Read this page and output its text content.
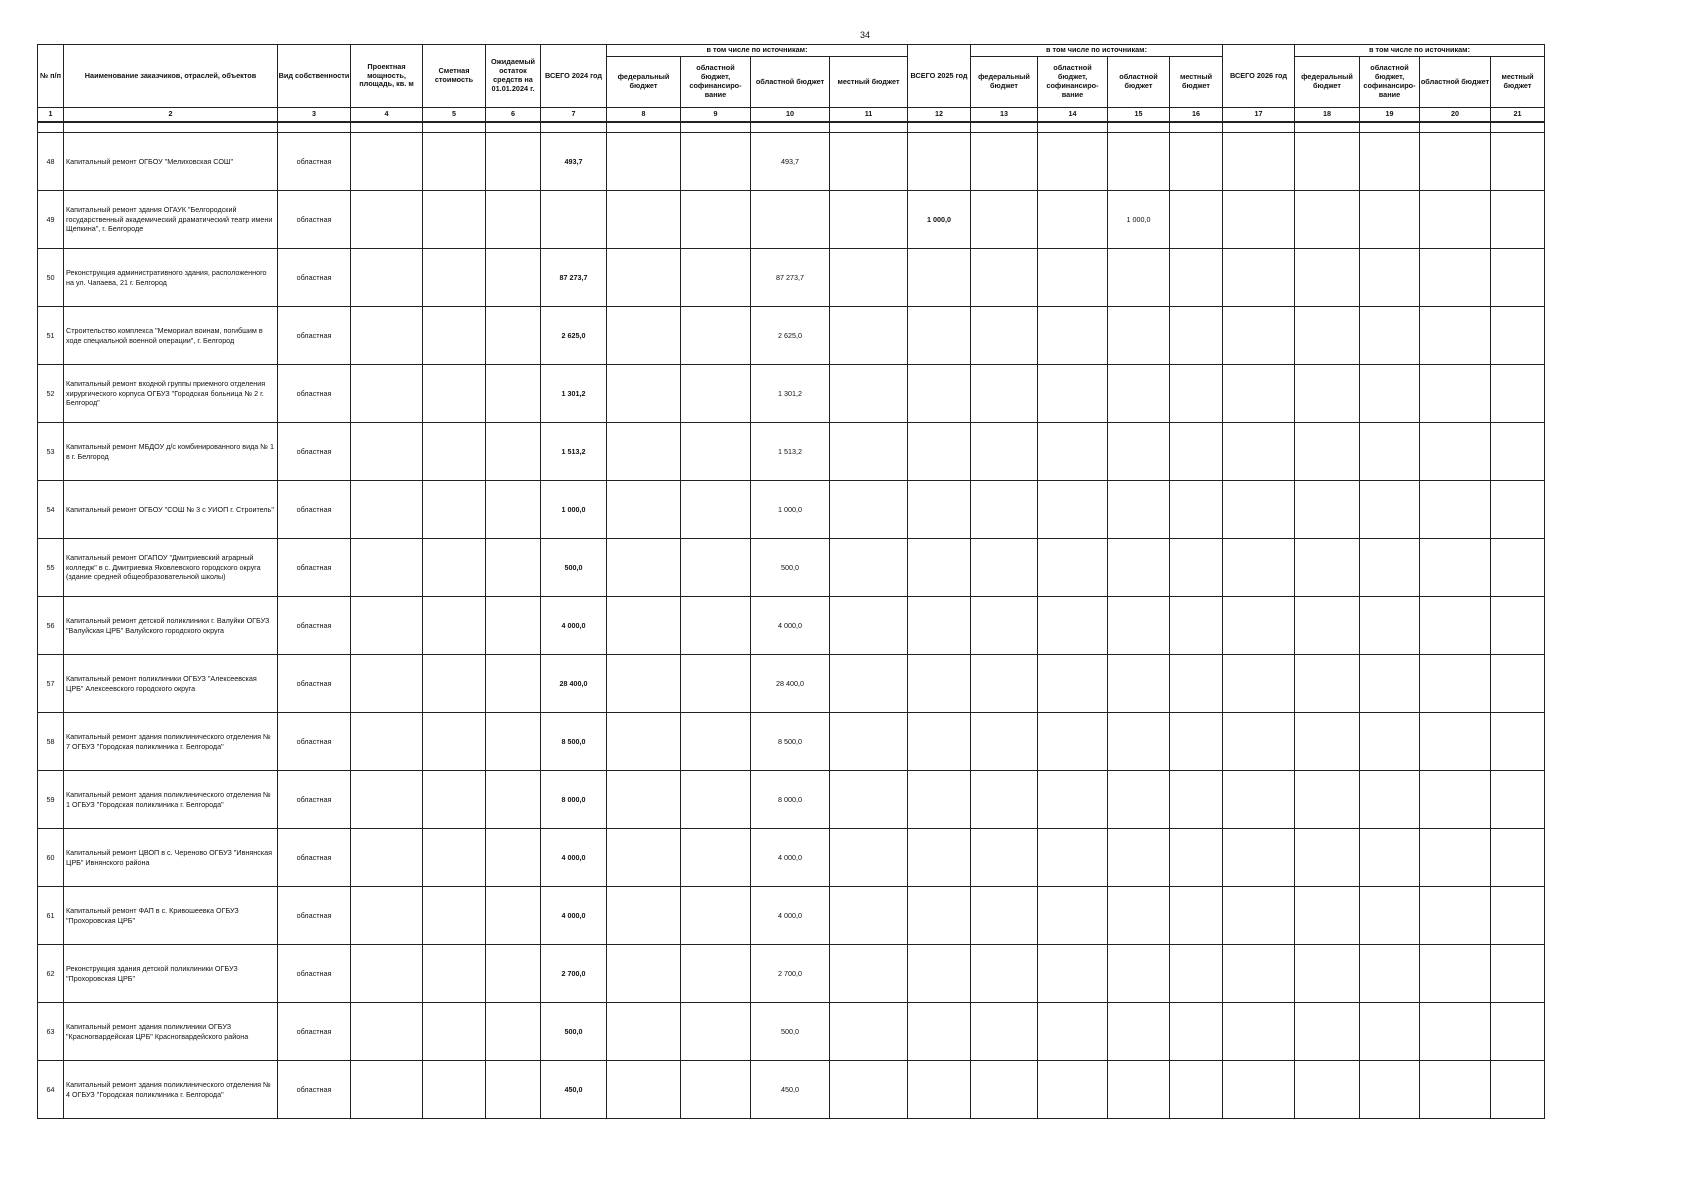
34
№ п/п	Наименование заказчиков, отраслей, объектов	Вид собственности	Проектная мощность, площадь, кв. м	Сметная стоимость	Ожидаемый остаток средств на 01.01.2024 г.	ВСЕГО 2024 год	в том числе по источникам:				ВСЕГО 2025 год	в том числе по источникам:				ВСЕГО 2026 год	в том числе по источникам:			
							федеральный бюджет	областной бюджет, софинансиро-вание	областной бюджет	местный бюджет		федеральный бюджет	областной бюджет, софинансиро-вание	областной бюджет	местный бюджет		федеральный бюджет	областной бюджет, софинансиро-вание	областной бюджет	местный бюджет
1	2	3	4	5	6	7	8	9	10	11	12	13	14	15	16	17	18	19	20	21

48	Капитальный ремонт ОГБОУ "Мелиховская СОШ"	областная				493,7			493,7											
49	Капитальный ремонт здания ОГАУК "Белгородский государственный академический драматический театр имени Щепкина", г. Белгороде	областная									1 000,0			1 000,0						
50	Реконструкция административного здания, расположенного на ул. Чапаева, 21 г. Белгород	областная				87 273,7			87 273,7											
51	Строительство комплекса "Мемориал воинам, погибшим в ходе специальной военной операции", г. Белгород	областная				2 625,0			2 625,0											
52	Капитальный ремонт входной группы приемного отделения хирургического корпуса ОГБУЗ "Городская больница № 2 г. Белгород"	областная				1 301,2			1 301,2											
53	Капитальный ремонт МБДОУ д/с комбинированного вида № 1 в г. Белгород	областная				1 513,2			1 513,2											
54	Капитальный ремонт ОГБОУ "СОШ № 3 с УИОП г. Строитель"	областная				1 000,0			1 000,0											
55	Капитальный ремонт ОГАПОУ "Дмитриевский аграрный колледж" в с. Дмитриевка Яковлевского городского округа (здание средней общеобразовательной школы)	областная				500,0			500,0											
56	Капитальный ремонт детской поликлиники г. Валуйки ОГБУЗ "Валуйская ЦРБ" Валуйского городского округа	областная				4 000,0			4 000,0											
57	Капитальный ремонт поликлиники ОГБУЗ "Алексеевская ЦРБ" Алексеевского городского округа	областная				28 400,0			28 400,0											
58	Капитальный ремонт здания поликлинического отделения № 7 ОГБУЗ "Городская поликлиника г. Белгорода"	областная				8 500,0			8 500,0											
59	Капитальный ремонт здания поликлинического отделения № 1 ОГБУЗ "Городская поликлиника г. Белгорода"	областная				8 000,0			8 000,0											
60	Капитальный ремонт ЦВОП в с. Череново ОГБУЗ "Ивнянская ЦРБ" Ивнянского района	областная				4 000,0			4 000,0											
61	Капитальный ремонт ФАП в с. Кривошеевка ОГБУЗ "Прохоровская ЦРБ"	областная				4 000,0			4 000,0											
62	Реконструкция здания детской поликлиники ОГБУЗ "Прохоровская ЦРБ"	областная				2 700,0			2 700,0											
63	Капитальный ремонт здания поликлиники ОГБУЗ "Красногвардейская ЦРБ" Красногвардейского района	областная				500,0			500,0											
64	Капитальный ремонт здания поликлинического отделения № 4 ОГБУЗ "Городская поликлиника г. Белгорода"	областная				450,0			450,0											
